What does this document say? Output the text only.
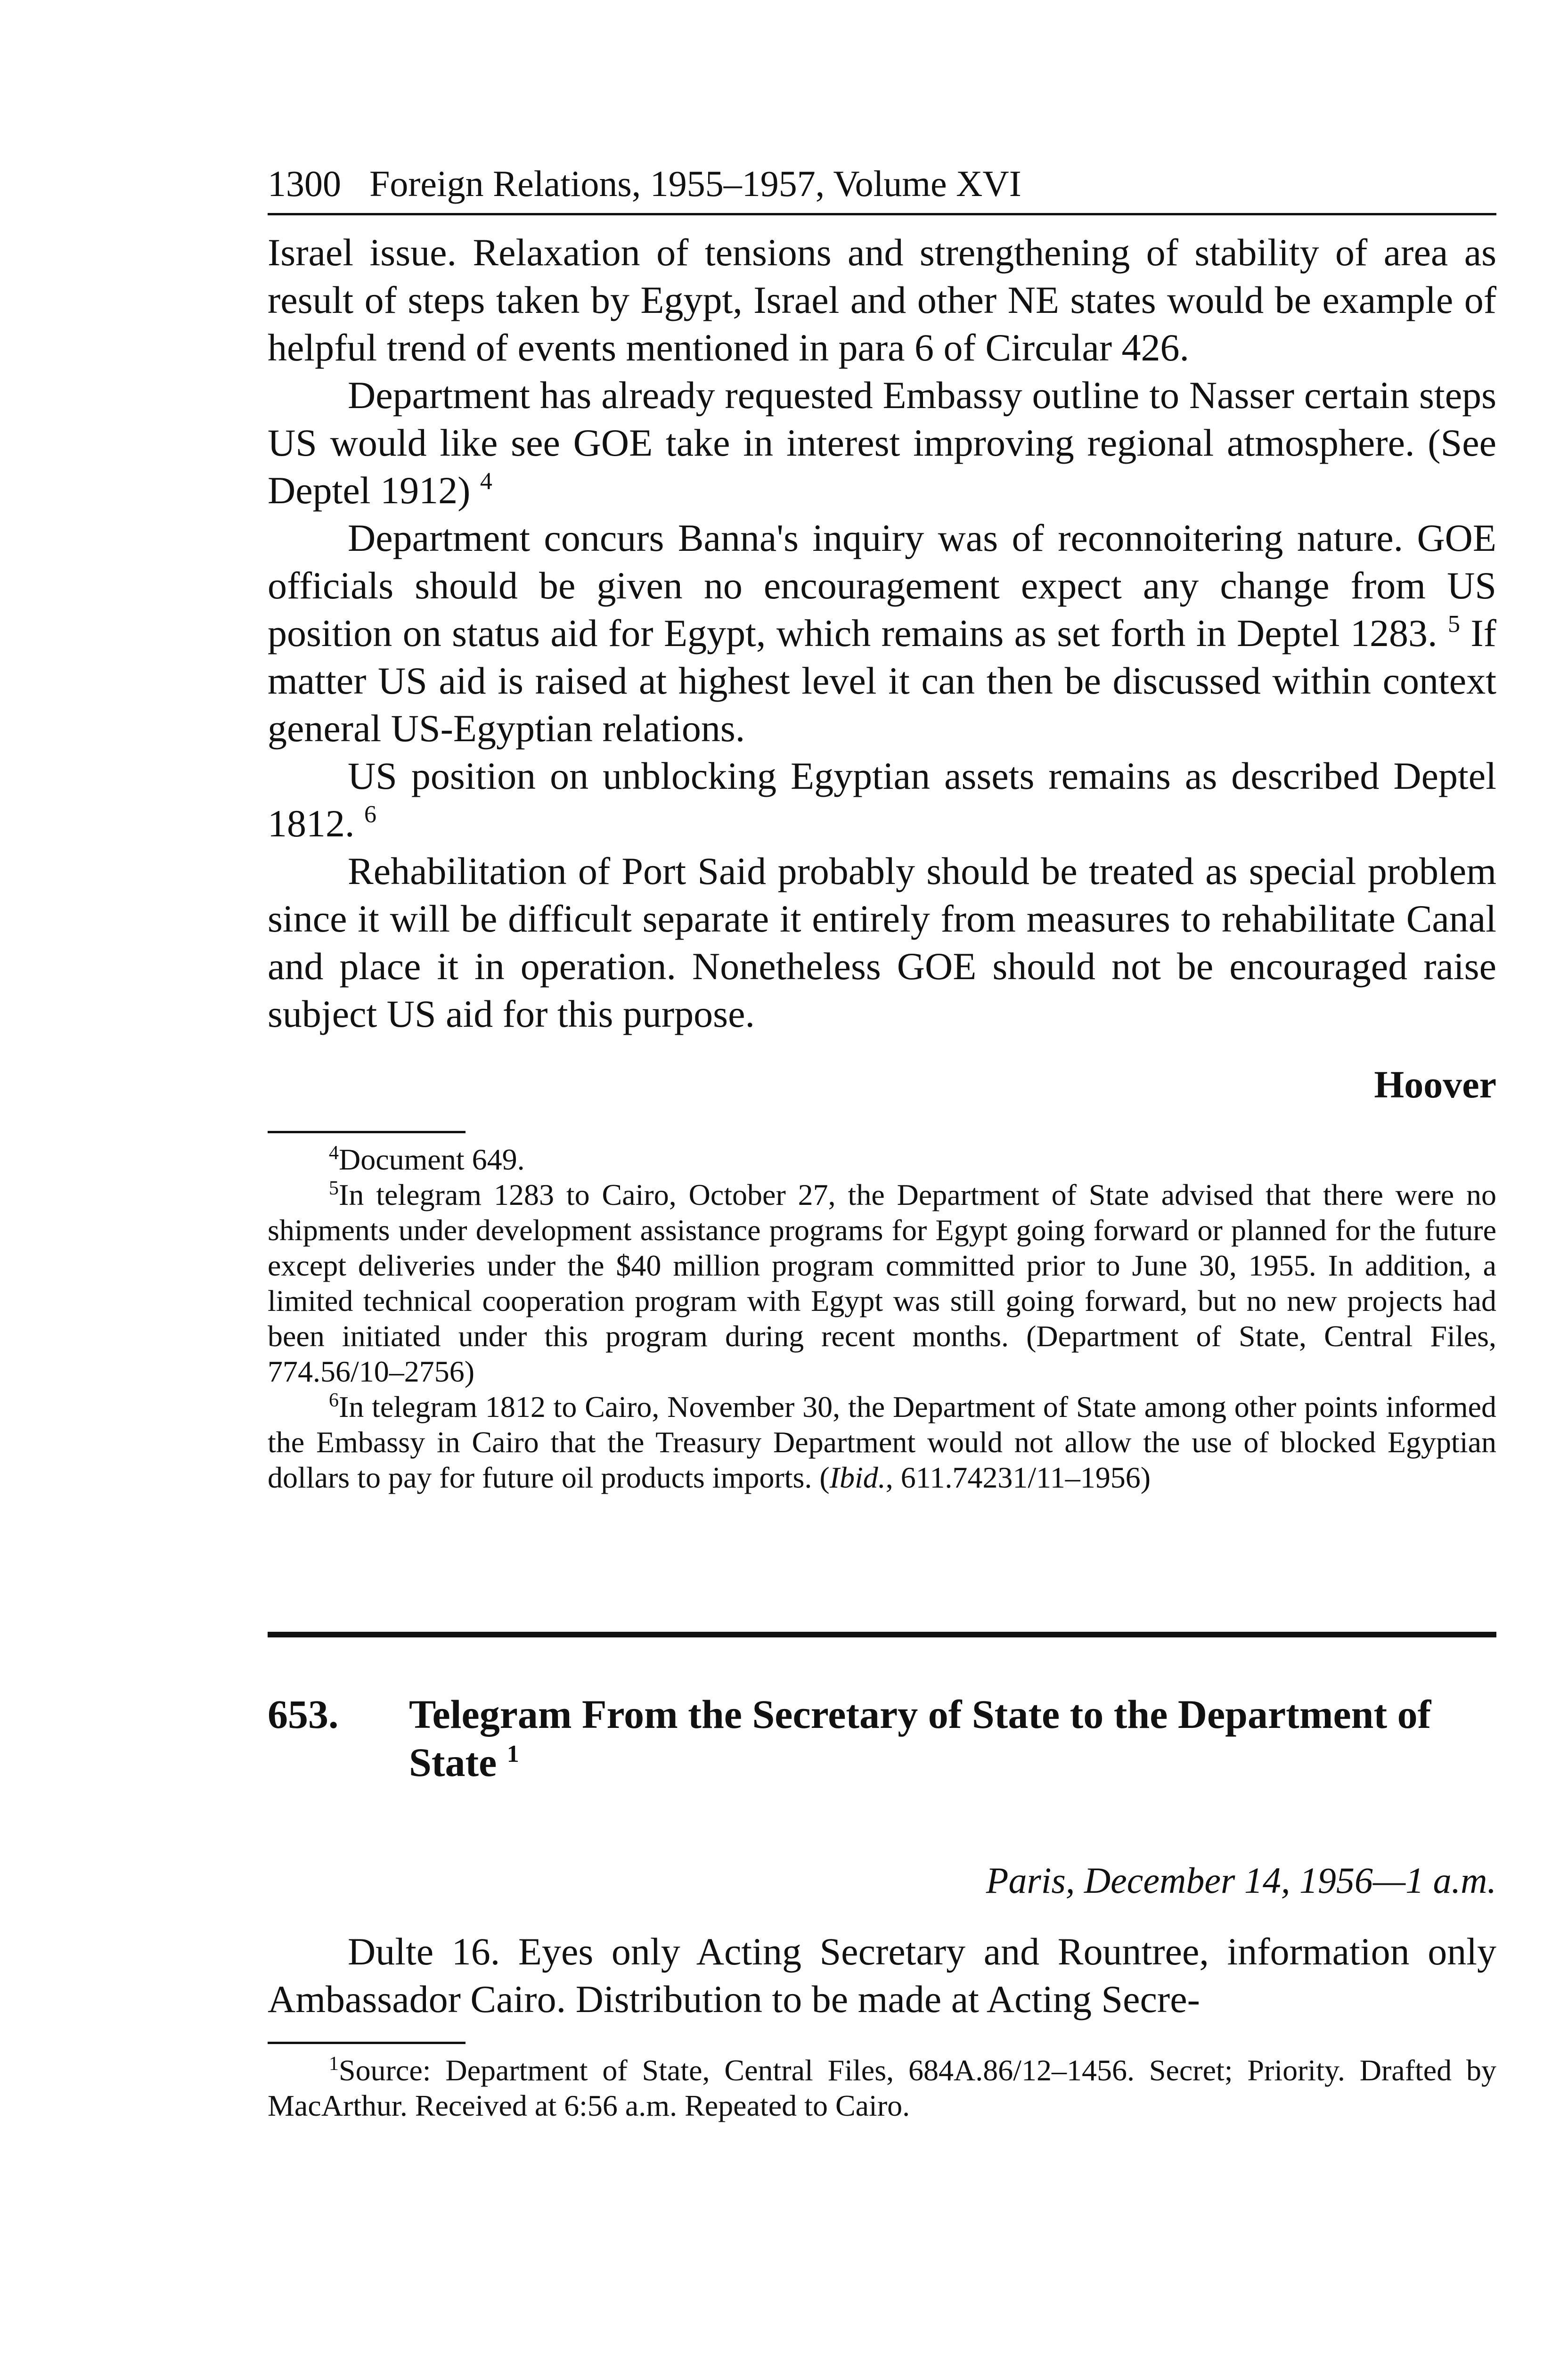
1300 Foreign Relations, 1955–1957, Volume XVI

Israel issue. Relaxation of tensions and strengthening of stability of area as result of steps taken by Egypt, Israel and other NE states would be example of helpful trend of events mentioned in para 6 of Circular 426.

Department has already requested Embassy outline to Nasser certain steps US would like see GOE take in interest improving regional atmosphere. (See Deptel 1912) $^4$

Department concurs Banna's inquiry was of reconnoitering nature. GOE officials should be given no encouragement expect any change from US position on status aid for Egypt, which remains as set forth in Deptel 1283. $^5$ If matter US aid is raised at highest level it can then be discussed within context general US-Egyptian relations.

US position on unblocking Egyptian assets remains as described Deptel 1812. $^6$

Rehabilitation of Port Said probably should be treated as special problem since it will be difficult separate it entirely from measures to rehabilitate Canal and place it in operation. Nonetheless GOE should not be encouraged raise subject US aid for this purpose.

Hoover

$^4$Document 649.

$^5$In telegram 1283 to Cairo, October 27, the Department of State advised that there were no shipments under development assistance programs for Egypt going forward or planned for the future except deliveries under the $40 million program committed prior to June 30, 1955. In addition, a limited technical cooperation program with Egypt was still going forward, but no new projects had been initiated under this program during recent months. (Department of State, Central Files, 774.56/10–2756)

$^6$In telegram 1812 to Cairo, November 30, the Department of State among other points informed the Embassy in Cairo that the Treasury Department would not allow the use of blocked Egyptian dollars to pay for future oil products imports. (Ibid., 611.74231/11–1956)

653.	Telegram From the Secretary of State to the Department of State $^1$
Paris, December 14, 1956—1 a.m.

Dulte 16. Eyes only Acting Secretary and Rountree, information only Ambassador Cairo. Distribution to be made at Acting Secre-

$^1$Source: Department of State, Central Files, 684A.86/12–1456. Secret; Priority. Drafted by MacArthur. Received at 6:56 a.m. Repeated to Cairo.
